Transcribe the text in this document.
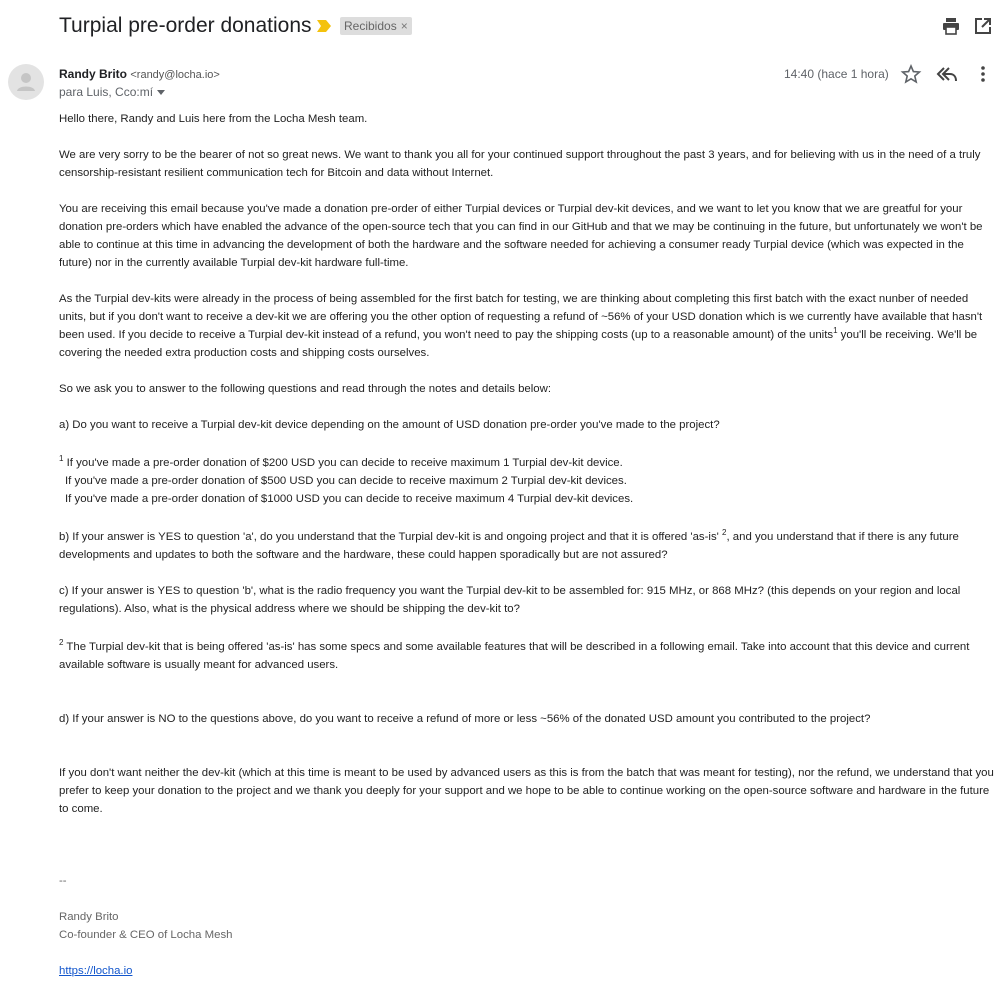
Turpial pre-order donations	Recibidos ×
Randy Brito <randy@locha.io>
para Luis, Cco:mí
14:40 (hace 1 hora)

Hello there, Randy and Luis here from the Locha Mesh team.

We are very sorry to be the bearer of not so great news. We want to thank you all for your continued support throughout the past 3 years, and for believing with us in the need of a truly censorship-resistant resilient communication tech for Bitcoin and data without Internet.

You are receiving this email because you've made a donation pre-order of either Turpial devices or Turpial dev-kit devices, and we want to let you know that we are greatful for your donation pre-orders which have enabled the advance of the open-source tech that you can find in our GitHub and that we may be continuing in the future, but unfortunately we won't be able to continue at this time in advancing the development of both the hardware and the software needed for achieving a consumer ready Turpial device (which was expected in the future) nor in the currently available Turpial dev-kit hardware full-time.

As the Turpial dev-kits were already in the process of being assembled for the first batch for testing, we are thinking about completing this first batch with the exact nunber of needed units, but if you don't want to receive a dev-kit we are offering you the other option of requesting a refund of ~56% of your USD donation which is we currently have available that hasn't been used. If you decide to receive a Turpial dev-kit instead of a refund, you won't need to pay the shipping costs (up to a reasonable amount) of the units$^1$ you'll be receiving. We'll be covering the needed extra production costs and shipping costs ourselves.

So we ask you to answer to the following questions and read through the notes and details below:

a) Do you want to receive a Turpial dev-kit device depending on the amount of USD donation pre-order you've made to the project?

$^1$ If you've made a pre-order donation of $200 USD you can decide to receive maximum 1 Turpial dev-kit device.

If you've made a pre-order donation of $500 USD you can decide to receive maximum 2 Turpial dev-kit devices.

If you've made a pre-order donation of $1000 USD you can decide to receive maximum 4 Turpial dev-kit devices.

b) If your answer is YES to question 'a', do you understand that the Turpial dev-kit is and ongoing project and that it is offered 'as-is' $^2$, and you understand that if there is any future developments and updates to both the software and the hardware, these could happen sporadically but are not assured?

c) If your answer is YES to question 'b', what is the radio frequency you want the Turpial dev-kit to be assembled for: 915 MHz, or 868 MHz? (this depends on your region and local regulations). Also, what is the physical address where we should be shipping the dev-kit to?

$^2$ The Turpial dev-kit that is being offered 'as-is' has some specs and some available features that will be described in a following email. Take into account that this device and current available software is usually meant for advanced users.

d) If your answer is NO to the questions above, do you want to receive a refund of more or less ~56% of the donated USD amount you contributed to the project?

If you don't want neither the dev-kit (which at this time is meant to be used by advanced users as this is from the batch that was meant for testing), nor the refund, we understand that you prefer to keep your donation to the project and we thank you deeply for your support and we hope to be able to continue working on the open-source software and hardware in the future to come.

--

Randy Brito

Co-founder & CEO of Locha Mesh

https://locha.io
